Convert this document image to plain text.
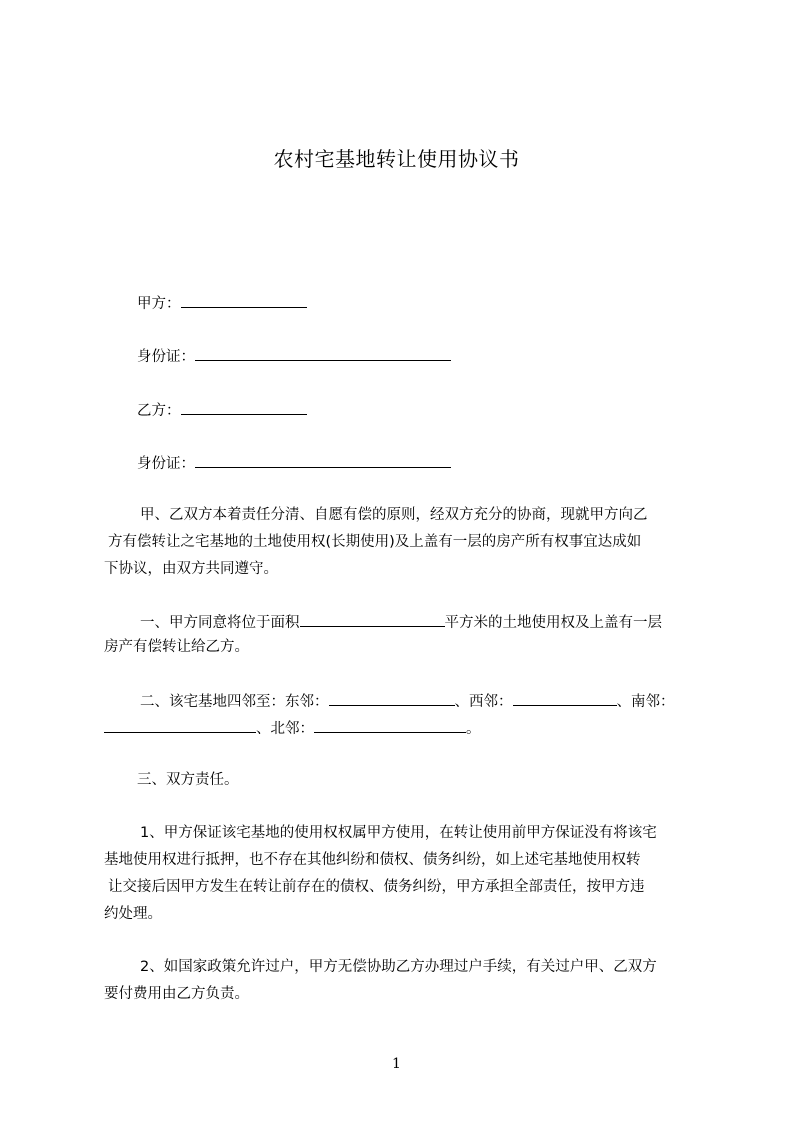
农村宅基地转让使用协议书
甲方：
身份证：
乙方：
身份证：
甲、乙双方本着责任分清、自愿有偿的原则，经双方充分的协商，现就甲方向乙
方有偿转让之宅基地的土地使用权(长期使用)及上盖有一层的房产所有权事宜达成如
下协议，由双方共同遵守。
一、甲方同意将位于面积	平方米的土地使用权及上盖有一层
房产有偿转让给乙方。
二、该宅基地四邻至：东邻：	、西邻：	、南邻：
、北邻：	。
三、双方责任。
1、甲方保证该宅基地的使用权权属甲方使用，在转让使用前甲方保证没有将该宅
基地使用权进行抵押，也不存在其他纠纷和债权、债务纠纷，如上述宅基地使用权转
让交接后因甲方发生在转让前存在的债权、债务纠纷，甲方承担全部责任，按甲方违
约处理。
2、如国家政策允许过户，甲方无偿协助乙方办理过户手续，有关过户甲、乙双方
要付费用由乙方负责。
1
